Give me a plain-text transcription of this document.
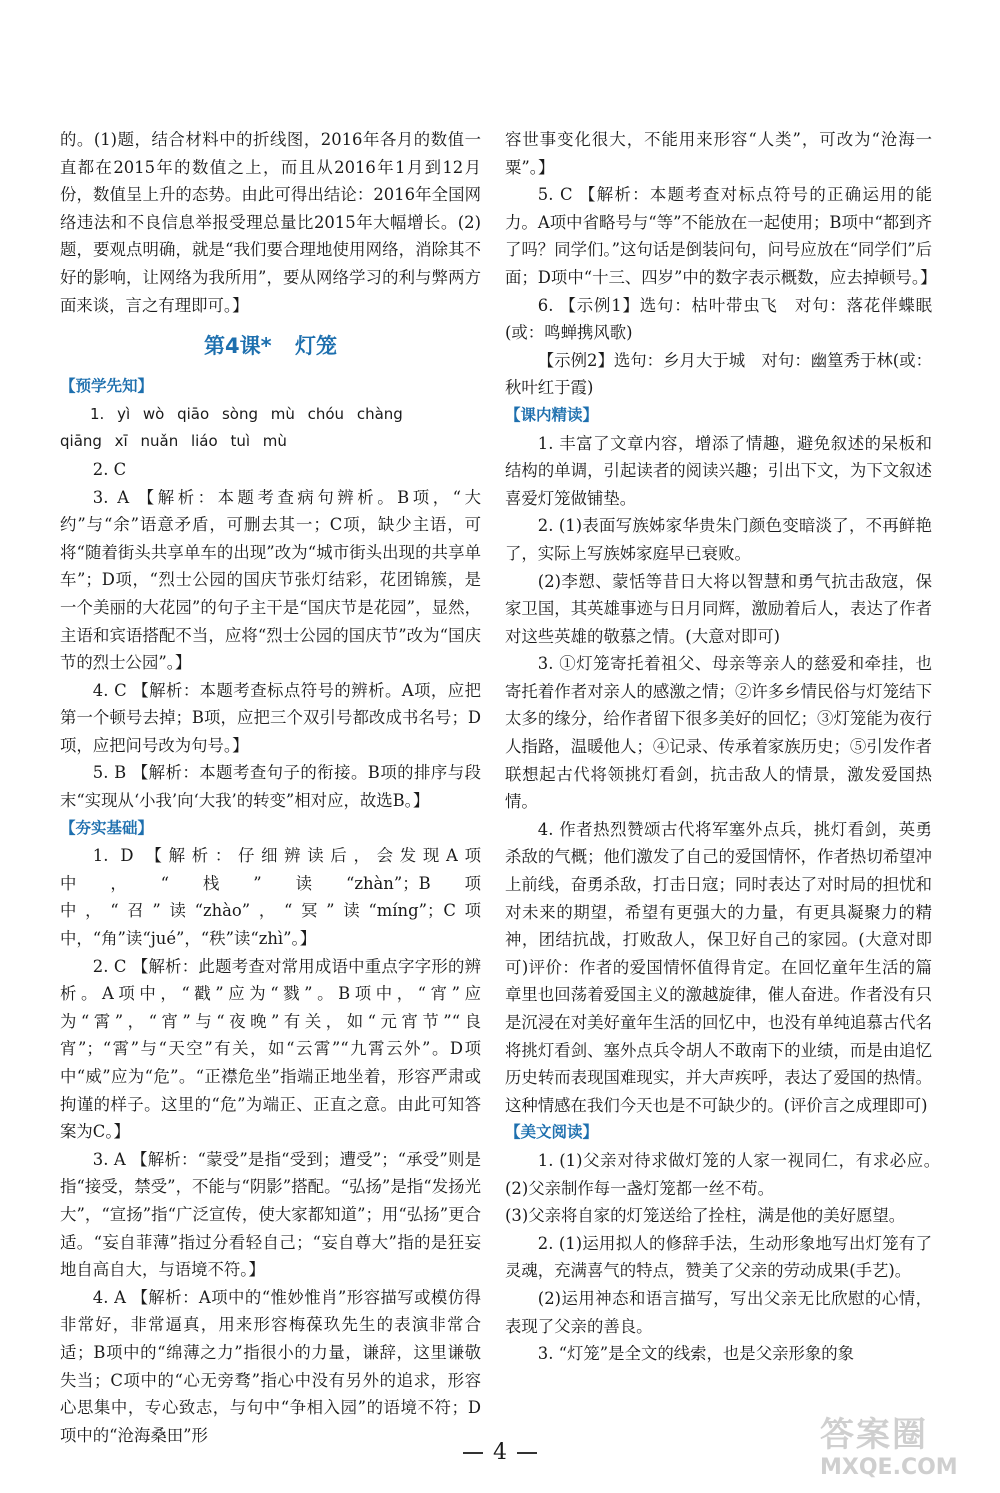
的。(1)题，结合材料中的折线图，2016年各月的数值一直都在2015年的数值之上，而且从2016年1月到12月份，数值呈上升的态势。由此可得出结论：2016年全国网络违法和不良信息举报受理总量比2015年大幅增长。(2)题，要观点明确，就是“我们要合理地使用网络，消除其不好的影响，让网络为我所用”，要从网络学习的利与弊两方面来谈，言之有理即可。】

第4课* 灯笼
【预学先知】

1. yì wò qiāo sòng mù chóu chàng

qiāng xī nuǎn liáo tuì mù

2. C

3. A 【解析：本题考查病句辨析。B项，“大约”与“余”语意矛盾，可删去其一；C项，缺少主语，可将“随着街头共享单车的出现”改为“城市街头出现的共享单车”；D项，“烈士公园的国庆节张灯结彩，花团锦簇，是一个美丽的大花园”的句子主干是“国庆节是花园”，显然，主语和宾语搭配不当，应将“烈士公园的国庆节”改为“国庆节的烈士公园”。】

4. C 【解析：本题考查标点符号的辨析。A项，应把第一个顿号去掉；B项，应把三个双引号都改成书名号；D项，应把问号改为句号。】

5. B 【解析：本题考查句子的衔接。B项的排序与段末“实现从‘小我’向‘大我’的转变”相对应，故选B。】

【夯实基础】

1. D 【解析：仔细辨读后，会发现A项中，“栈”读“zhàn”；B项中，“召”读“zhào”，“冥”读“míng”；C项中，“角”读“jué”，“秩”读“zhì”。】

2. C 【解析：此题考查对常用成语中重点字字形的辨析。A项中，“戳”应为“戮”。B项中，“宵”应为“霄”，“宵”与“夜晚”有关，如“元宵节”“良宵”；“霄”与“天空”有关，如“云霄”“九霄云外”。D项中“威”应为“危”。“正襟危坐”指端正地坐着，形容严肃或拘谨的样子。这里的“危”为端正、正直之意。由此可知答案为C。】

3. A 【解析：“蒙受”是指“受到；遭受”；“承受”则是指“接受，禁受”，不能与“阴影”搭配。“弘扬”是指“发扬光大”，“宣扬”指“广泛宣传，使大家都知道”；用“弘扬”更合适。“妄自菲薄”指过分看轻自己；“妄自尊大”指的是狂妄地自高自大，与语境不符。】

4. A 【解析：A项中的“惟妙惟肖”形容描写或模仿得非常好，非常逼真，用来形容梅葆玖先生的表演非常合适；B项中的“绵薄之力”指很小的力量，谦辞，这里谦敬失当；C项中的“心无旁骛”指心中没有另外的追求，形容心思集中，专心致志，与句中“争相入园”的语境不符；D项中的“沧海桑田”形

容世事变化很大，不能用来形容“人类”，可改为“沧海一粟”。】

5. C 【解析：本题考查对标点符号的正确运用的能力。A项中省略号与“等”不能放在一起使用；B项中“都到齐了吗？同学们。”这句话是倒装问句，问号应放在“同学们”后面；D项中“十三、四岁”中的数字表示概数，应去掉顿号。】

6. 【示例1】选句：枯叶带虫飞　对句：落花伴蝶眠(或：鸣蝉携风歌)

【示例2】选句：乡月大于城　对句：幽篁秀于林(或：秋叶红于霞)

【课内精读】

1. 丰富了文章内容，增添了情趣，避免叙述的呆板和结构的单调，引起读者的阅读兴趣；引出下文，为下文叙述喜爱灯笼做铺垫。

2. (1)表面写族姊家华贵朱门颜色变暗淡了，不再鲜艳了，实际上写族姊家庭早已衰败。

(2)李愬、蒙恬等昔日大将以智慧和勇气抗击敌寇，保家卫国，其英雄事迹与日月同辉，激励着后人，表达了作者对这些英雄的敬慕之情。(大意对即可)

3. ①灯笼寄托着祖父、母亲等亲人的慈爱和牵挂，也寄托着作者对亲人的感激之情；②许多乡情民俗与灯笼结下太多的缘分，给作者留下很多美好的回忆；③灯笼能为夜行人指路，温暖他人；④记录、传承着家族历史；⑤引发作者联想起古代将领挑灯看剑，抗击敌人的情景，激发爱国热情。

4. 作者热烈赞颂古代将军塞外点兵，挑灯看剑，英勇杀敌的气概；他们激发了自己的爱国情怀，作者热切希望冲上前线，奋勇杀敌，打击日寇；同时表达了对时局的担忧和对未来的期望，希望有更强大的力量，有更具凝聚力的精神，团结抗战，打败敌人，保卫好自己的家园。(大意对即可)评价：作者的爱国情怀值得肯定。在回忆童年生活的篇章里也回荡着爱国主义的激越旋律，催人奋进。作者没有只是沉浸在对美好童年生活的回忆中，也没有单纯追慕古代名将挑灯看剑、塞外点兵令胡人不敢南下的业绩，而是由追忆历史转而表现国难现实，并大声疾呼，表达了爱国的热情。这种情感在我们今天也是不可缺少的。(评价言之成理即可)

【美文阅读】

1. (1)父亲对待求做灯笼的人家一视同仁，有求必应。　(2)父亲制作每一盏灯笼都一丝不苟。

(3)父亲将自家的灯笼送给了拴柱，满是他的美好愿望。

2. (1)运用拟人的修辞手法，生动形象地写出灯笼有了灵魂，充满喜气的特点，赞美了父亲的劳动成果(手艺)。

(2)运用神态和语言描写，写出父亲无比欣慰的心情，表现了父亲的善良。

3. “灯笼”是全文的线索，也是父亲形象的象

4	答案圈
MXQE.COM
